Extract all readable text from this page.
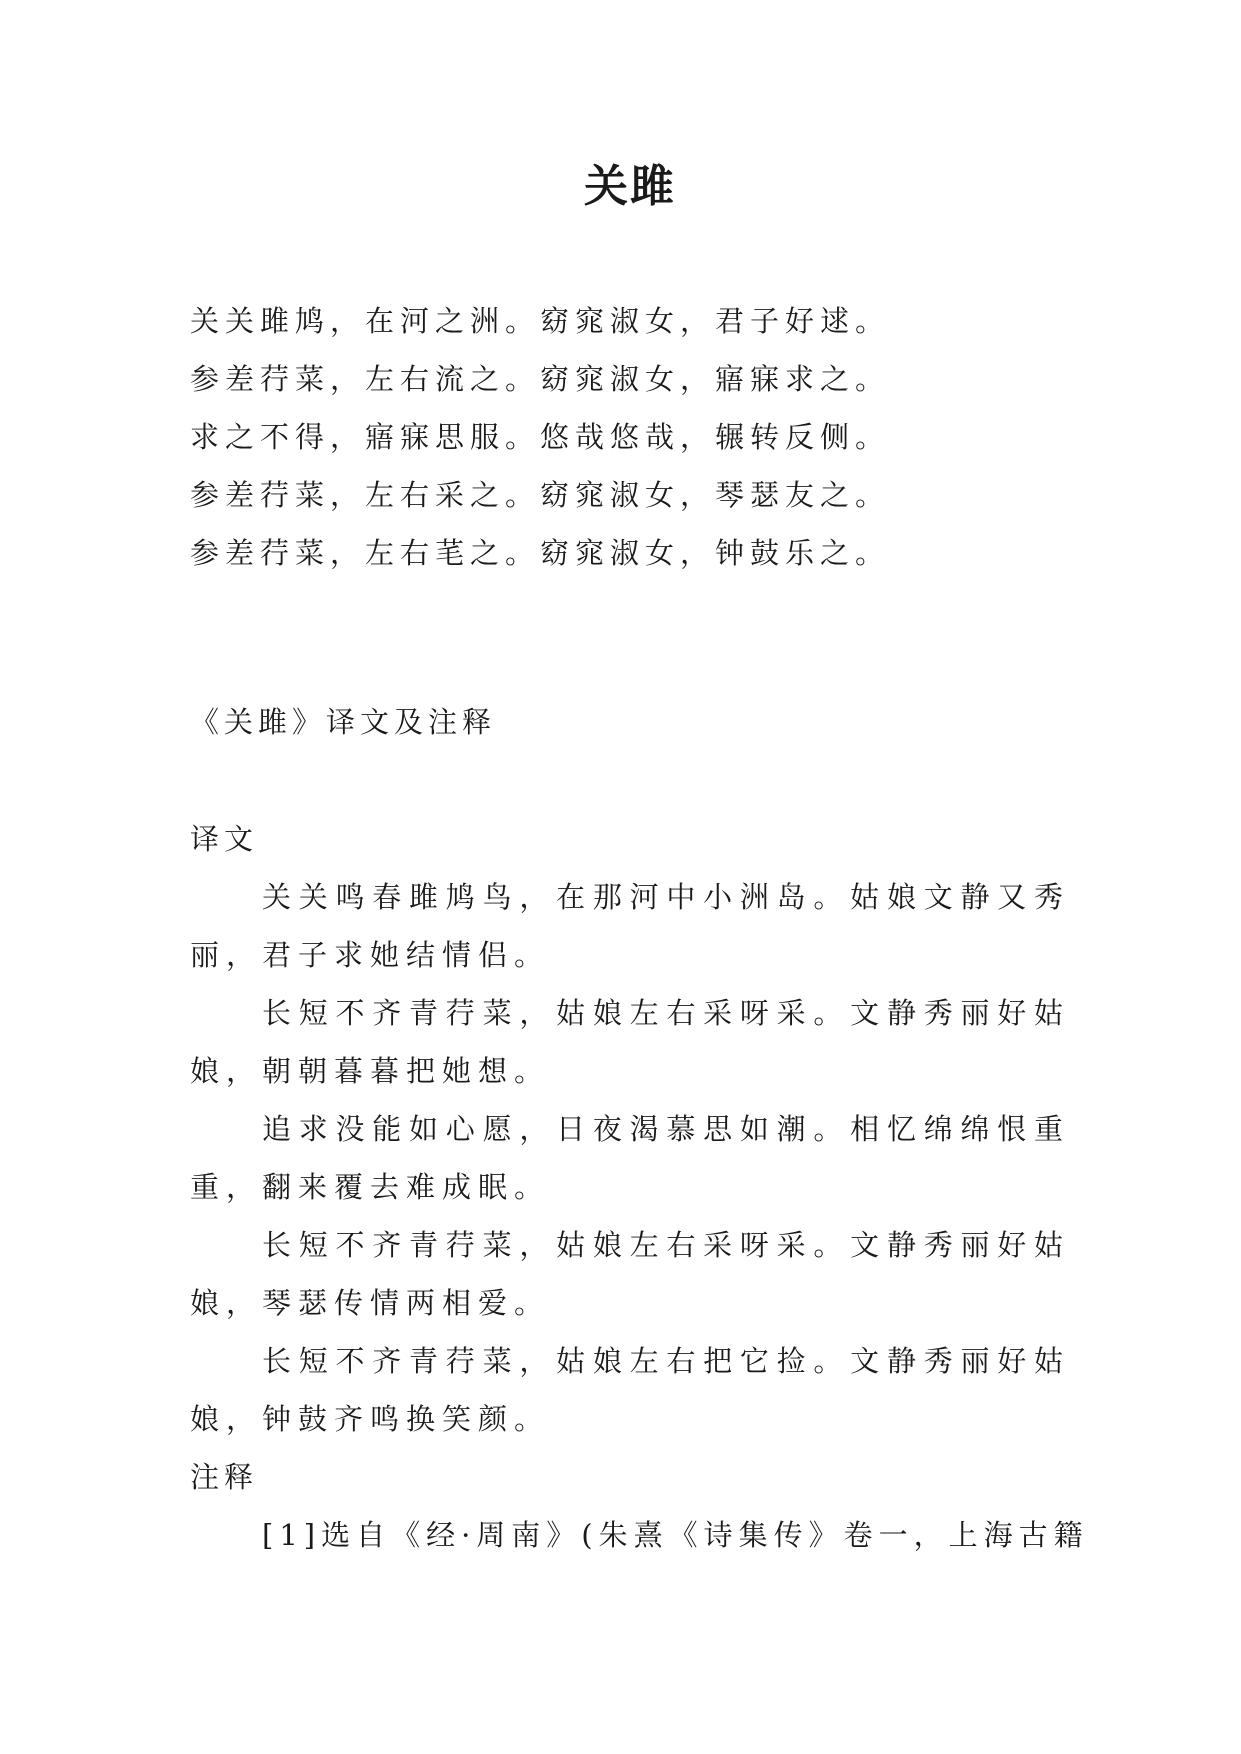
关雎
关关雎鸠，在河之洲。窈窕淑女，君子好逑。
参差荇菜，左右流之。窈窕淑女，寤寐求之。
求之不得，寤寐思服。悠哉悠哉，辗转反侧。
参差荇菜，左右采之。窈窕淑女，琴瑟友之。
参差荇菜，左右芼之。窈窕淑女，钟鼓乐之。
《关雎》译文及注释
译文
关关鸣春雎鸠鸟，在那河中小洲岛。姑娘文静又秀丽，君子求她结情侣。
长短不齐青荇菜，姑娘左右采呀采。文静秀丽好姑娘，朝朝暮暮把她想。
追求没能如心愿，日夜渴慕思如潮。相忆绵绵恨重重，翻来覆去难成眠。
长短不齐青荇菜，姑娘左右采呀采。文静秀丽好姑娘，琴瑟传情两相爱。
长短不齐青荇菜，姑娘左右把它捡。文静秀丽好姑娘，钟鼓齐鸣换笑颜。
注释
[1]选自《经·周南》(朱熹《诗集传》卷一，上海古籍
